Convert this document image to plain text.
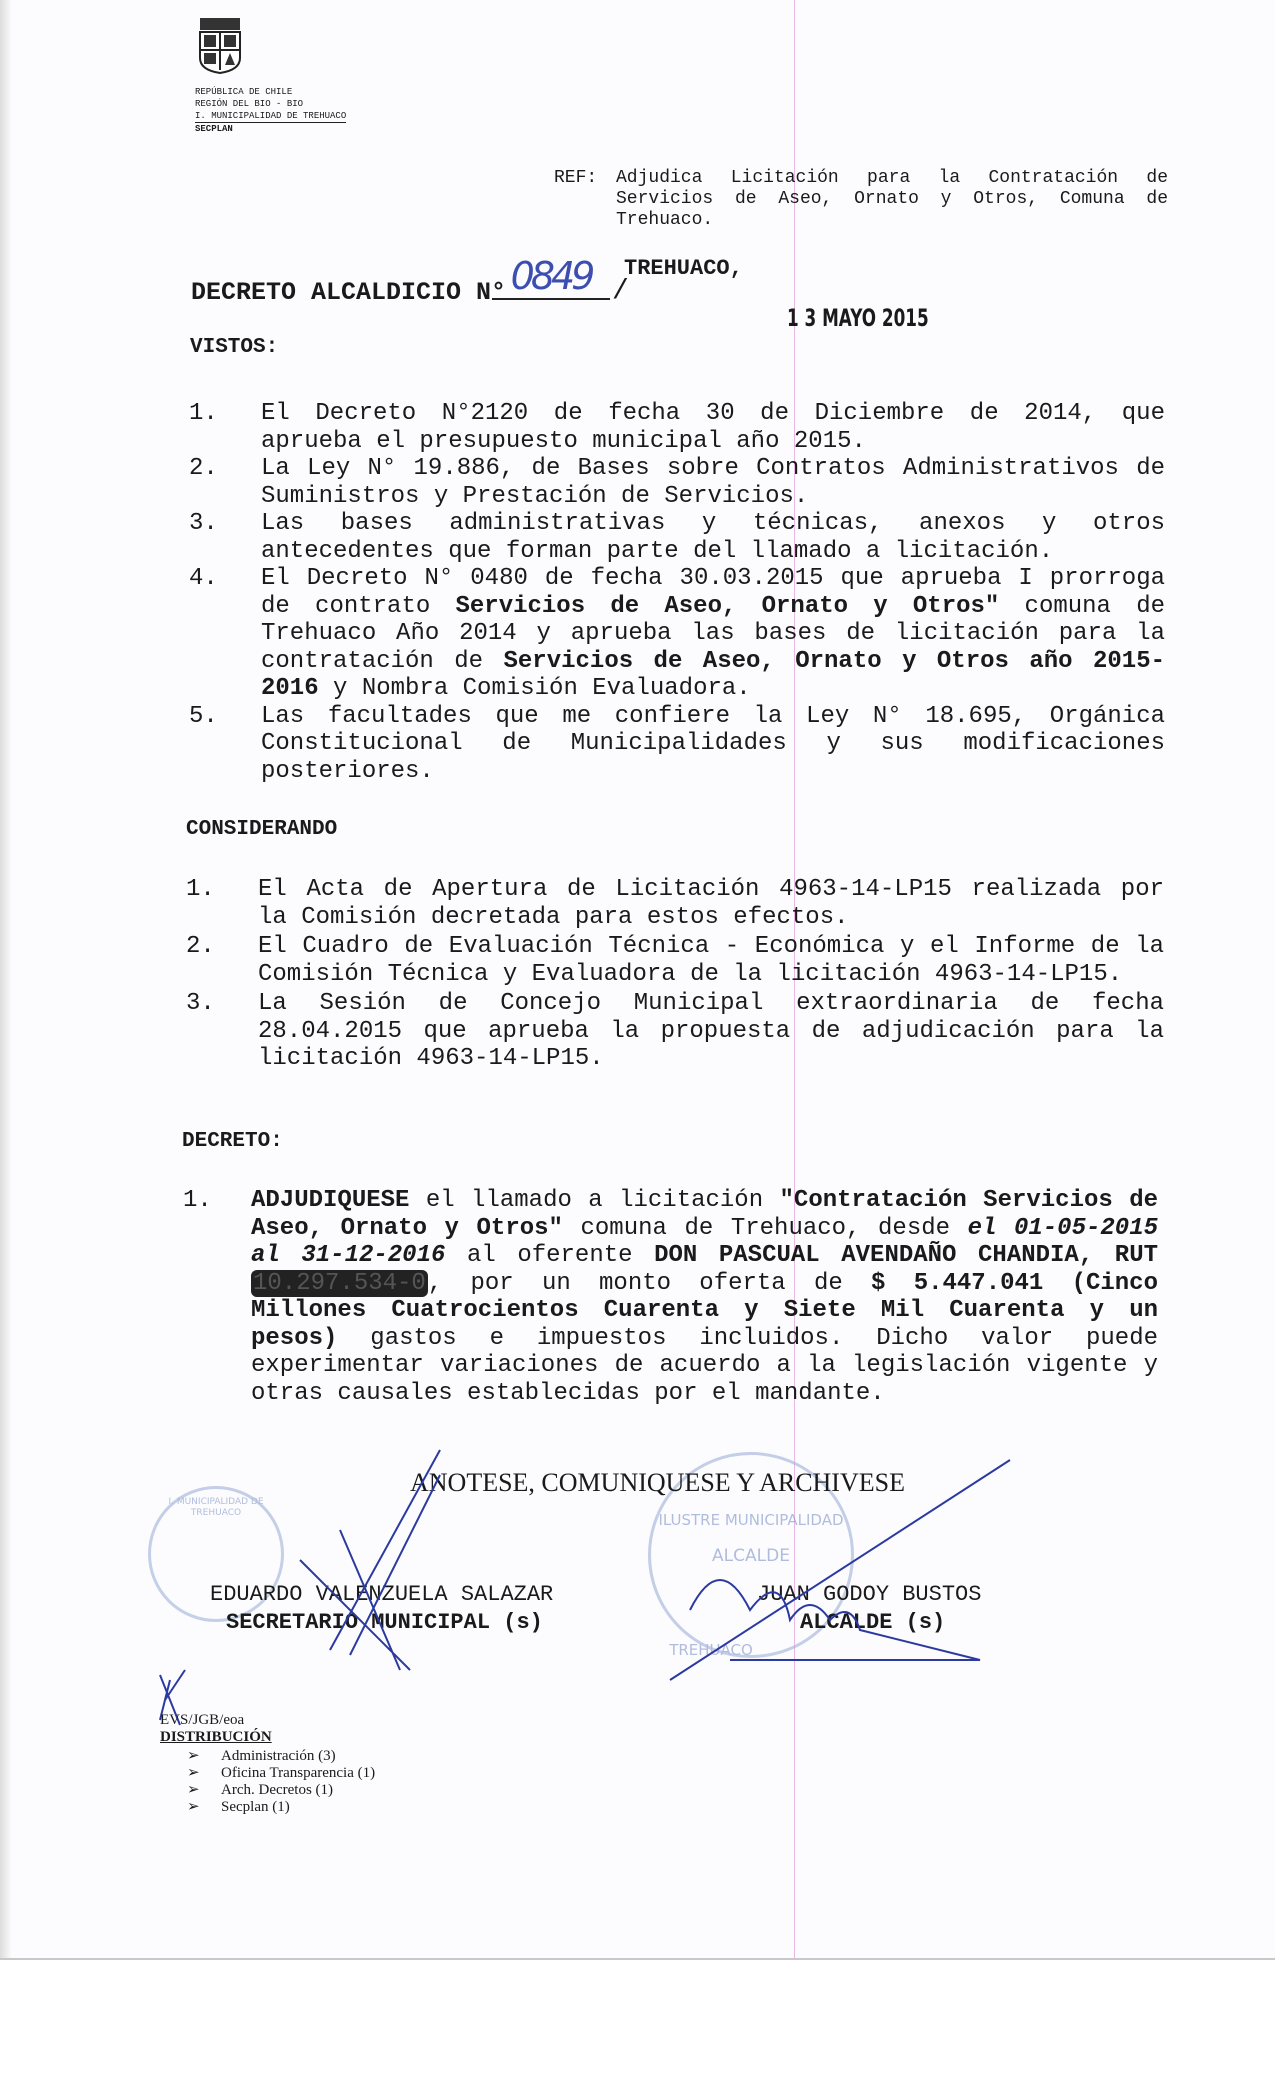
REPÚBLICA DE CHILE
REGIÓN DEL BIO - BIO
I. MUNICIPALIDAD DE TREHUACO
SECPLAN
REF: Adjudica Licitación para la Contratación de Servicios de Aseo, Ornato y Otros, Comuna de Trehuaco.
DECRETO ALCALDICIO N° 0849 /
TREHUACO,
1 3 MAYO 2015
VISTOS:
1. El Decreto N°2120 de fecha 30 de Diciembre de 2014, que aprueba el presupuesto municipal año 2015.
2. La Ley N° 19.886, de Bases sobre Contratos Administrativos de Suministros y Prestación de Servicios.
3. Las bases administrativas y técnicas, anexos y otros antecedentes que forman parte del llamado a licitación.
4. El Decreto N° 0480 de fecha 30.03.2015 que aprueba I prorroga de contrato Servicios de Aseo, Ornato y Otros" comuna de Trehuaco Año 2014 y aprueba las bases de licitación para la contratación de Servicios de Aseo, Ornato y Otros año 2015-2016 y Nombra Comisión Evaluadora.
5. Las facultades que me confiere la Ley N° 18.695, Orgánica Constitucional de Municipalidades y sus modificaciones posteriores.
CONSIDERANDO
1. El Acta de Apertura de Licitación 4963-14-LP15 realizada por la Comisión decretada para estos efectos.
2. El Cuadro de Evaluación Técnica - Económica y el Informe de la Comisión Técnica y Evaluadora de la licitación 4963-14-LP15.
3. La Sesión de Concejo Municipal extraordinaria de fecha 28.04.2015 que aprueba la propuesta de adjudicación para la licitación 4963-14-LP15.
DECRETO:
1. ADJUDIQUESE el llamado a licitación "Contratación Servicios de Aseo, Ornato y Otros" comuna de Trehuaco, desde el 01-05-2015 al 31-12-2016 al oferente DON PASCUAL AVENDAÑO CHANDIA, RUT 10.297.534-0, por un monto oferta de $ 5.447.041 (Cinco Millones Cuatrocientos Cuarenta y Siete Mil Cuarenta y un pesos) gastos e impuestos incluidos. Dicho valor puede experimentar variaciones de acuerdo a la legislación vigente y otras causales establecidas por el mandante.
I. MUNICIPALIDAD DE TREHUACO	ILUSTRE MUNICIPALIDAD
ALCALDE
TREHUACO
ANOTESE, COMUNIQUESE Y ARCHIVESE
EDUARDO VALENZUELA SALAZAR
SECRETARIO MUNICIPAL (s)
JUAN GODOY BUSTOS
ALCALDE (s)
EVS/JGB/eoa
DISTRIBUCIÓN
➢ Administración (3)
➢ Oficina Transparencia (1)
➢ Arch. Decretos (1)
➢ Secplan (1)
